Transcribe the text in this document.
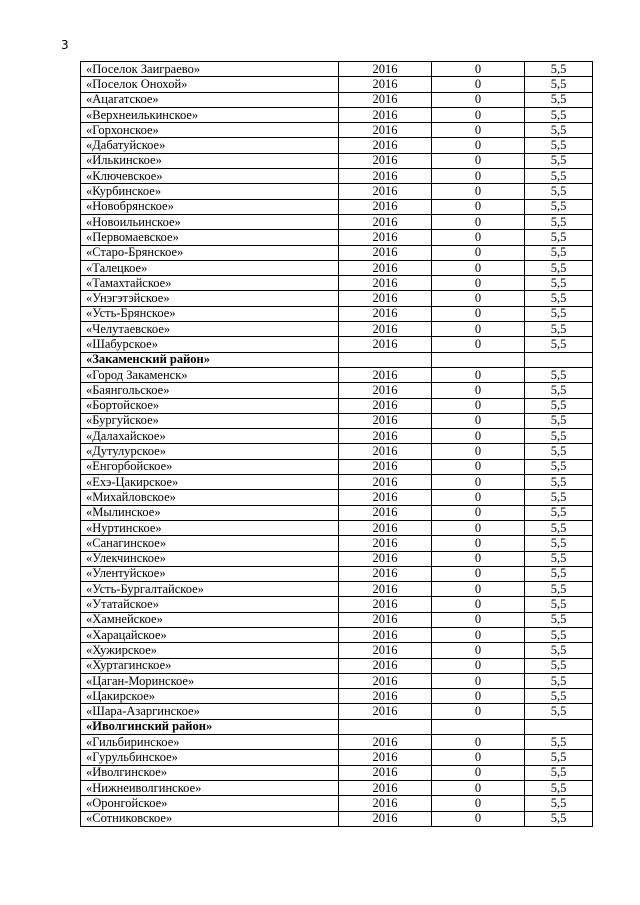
3
«Поселок Заиграево»	2016	0	5,5
«Поселок Онохой»	2016	0	5,5
«Ацагатское»	2016	0	5,5
«Верхнеилькинское»	2016	0	5,5
«Горхонское»	2016	0	5,5
«Дабатуйское»	2016	0	5,5
«Илькинское»	2016	0	5,5
«Ключевское»	2016	0	5,5
«Курбинское»	2016	0	5,5
«Новобрянское»	2016	0	5,5
«Новоильинское»	2016	0	5,5
«Первомаевское»	2016	0	5,5
«Старо-Брянское»	2016	0	5,5
«Талецкое»	2016	0	5,5
«Тамахтайское»	2016	0	5,5
«Унэгэтэйское»	2016	0	5,5
«Усть-Брянское»	2016	0	5,5
«Челутаевское»	2016	0	5,5
«Шабурское»	2016	0	5,5
«Закаменский район»			
«Город Закаменск»	2016	0	5,5
«Баянгольское»	2016	0	5,5
«Бортойское»	2016	0	5,5
«Бургуйское»	2016	0	5,5
«Далахайское»	2016	0	5,5
«Дутулурское»	2016	0	5,5
«Енгорбойское»	2016	0	5,5
«Ехэ-Цакирское»	2016	0	5,5
«Михайловское»	2016	0	5,5
«Мылинское»	2016	0	5,5
«Нуртинское»	2016	0	5,5
«Санагинское»	2016	0	5,5
«Улекчинское»	2016	0	5,5
«Улентуйское»	2016	0	5,5
«Усть-Бургалтайское»	2016	0	5,5
«Утатайское»	2016	0	5,5
«Хамнейское»	2016	0	5,5
«Харацайское»	2016	0	5,5
«Хужирское»	2016	0	5,5
«Хуртагинское»	2016	0	5,5
«Цаган-Моринское»	2016	0	5,5
«Цакирское»	2016	0	5,5
«Шара-Азаргинское»	2016	0	5,5
«Иволгинский район»			
«Гильбиринское»	2016	0	5,5
«Гурульбинское»	2016	0	5,5
«Иволгинское»	2016	0	5,5
«Нижнеиволгинское»	2016	0	5,5
«Оронгойское»	2016	0	5,5
«Сотниковское»	2016	0	5,5
